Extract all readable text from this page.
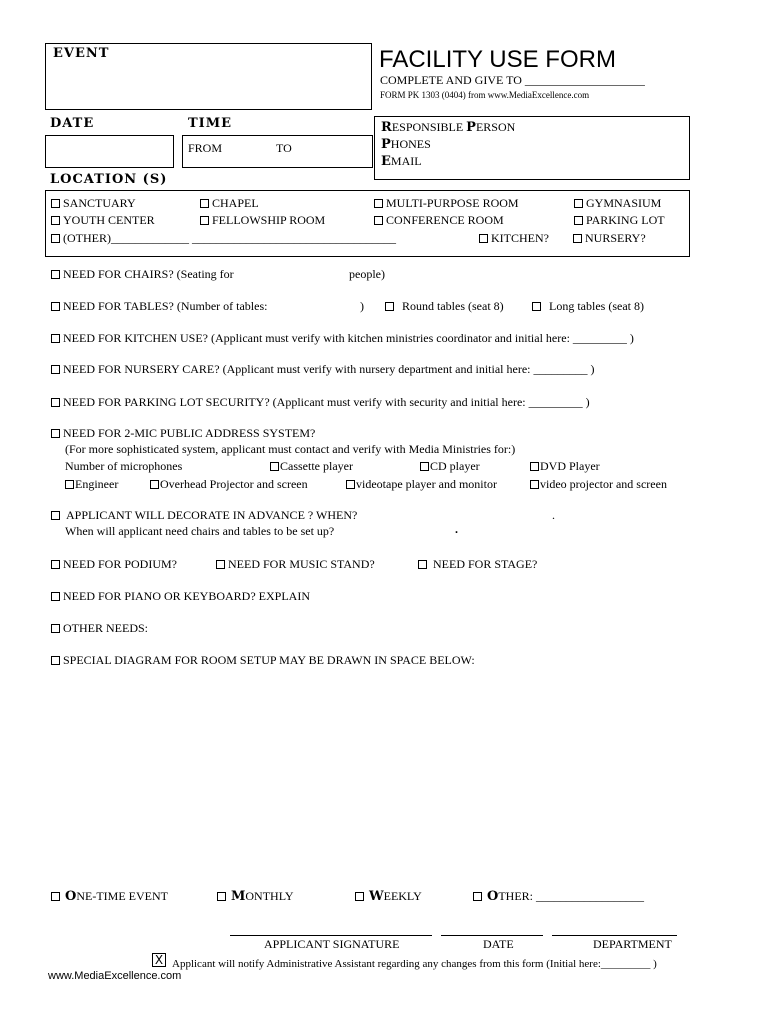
EVENT	FACILITY USE FORM
COMPLETE AND GIVE TO ____________________
FORM PK 1303 (0404) from www.MediaExcellence.com
DATE	TIME
FROM	TO
RESPONSIBLE PERSON
PHONES
EMAIL
LOCATION (S)
SANCTUARY	CHAPEL	MULTI-PURPOSE ROOM	GYMNASIUM
YOUTH CENTER	FELLOWSHIP ROOM	CONFERENCE ROOM	PARKING LOT
(OTHER)_____________ __________________________________	KITCHEN?	NURSERY?
NEED FOR CHAIRS? (Seating for	people)
NEED FOR TABLES? (Number of tables:	)	Round tables (seat 8)	Long tables (seat 8)
NEED FOR KITCHEN USE? (Applicant must verify with kitchen ministries coordinator and initial here: _________ )
NEED FOR NURSERY CARE? (Applicant must verify with nursery department and initial here: _________ )
NEED FOR PARKING LOT SECURITY? (Applicant must verify with security and initial here: _________ )
NEED FOR 2-MIC PUBLIC ADDRESS SYSTEM?
(For more sophisticated system, applicant must contact and verify with Media Ministries for:)
Number of microphones	Cassette player	CD player	DVD Player
Engineer	Overhead Projector and screen	videotape player and monitor	video projector and screen
APPLICANT WILL DECORATE IN ADVANCE ? WHEN?	.
When will applicant need chairs and tables to be set up?	.
NEED FOR PODIUM?	NEED FOR MUSIC STAND?	NEED FOR STAGE?
NEED FOR PIANO OR KEYBOARD? EXPLAIN
OTHER NEEDS:
SPECIAL DIAGRAM FOR ROOM SETUP MAY BE DRAWN IN SPACE BELOW:
ONE-TIME EVENT	MONTHLY	WEEKLY	OTHER: __________________
APPLICANT SIGNATURE	DATE	DEPARTMENT
X Applicant will notify Administrative Assistant regarding any changes from this form (Initial here:_________ )
www.MediaExcellence.com
